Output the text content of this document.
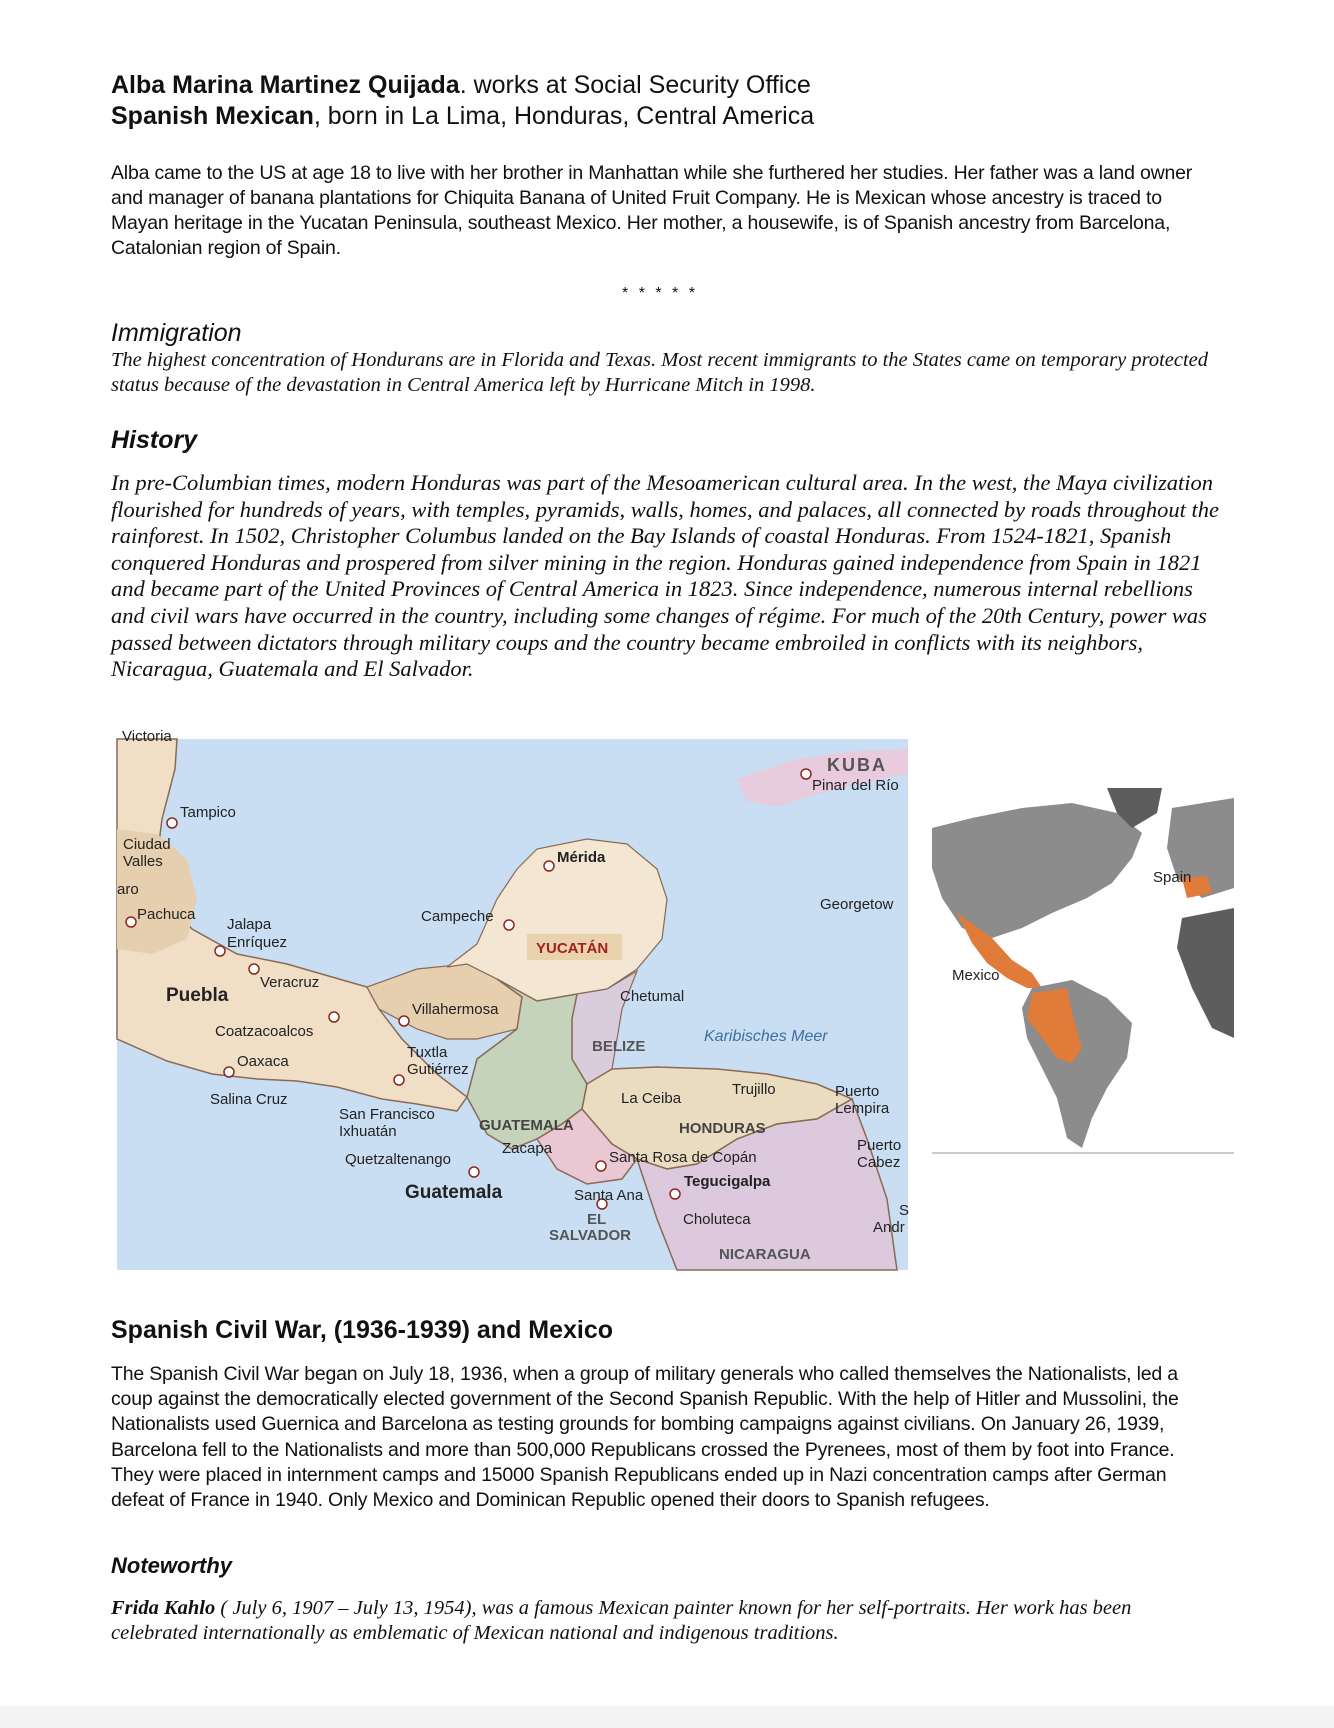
Alba Marina Martinez Quijada. works at Social Security Office
Spanish Mexican, born in La Lima, Honduras, Central America
Alba came to the US at age 18 to live with her brother in Manhattan while she furthered her studies. Her father was a land owner and manager of banana plantations for Chiquita Banana of United Fruit Company. He is Mexican whose ancestry is traced to Mayan heritage in the Yucatan Peninsula, southeast Mexico. Her mother, a housewife, is of Spanish ancestry from Barcelona, Catalonian region of Spain.
* * * * *
Immigration
The highest concentration of Hondurans are in Florida and Texas. Most recent immigrants to the States came on temporary protected status because of the devastation in Central America left by Hurricane Mitch in 1998.
History
In pre-Columbian times, modern Honduras was part of the Mesoamerican cultural area. In the west, the Maya civilization flourished for hundreds of years, with temples, pyramids, walls, homes, and palaces, all connected by roads throughout the rainforest. In 1502, Christopher Columbus landed on the Bay Islands of coastal Honduras. From 1524-1821, Spanish conquered Honduras and prospered from silver mining in the region. Honduras gained independence from Spain in 1821 and became part of the United Provinces of Central America in 1823. Since independence, numerous internal rebellions and civil wars have occurred in the country, including some changes of régime. For much of the 20th Century, power was passed between dictators through military coups and the country became embroiled in conflicts with its neighbors, Nicaragua, Guatemala and El Salvador.
Victoria
KUBA
Pinar del Río
Tampico
Ciudad
Valles
aro
Pachuca
Jalapa
Enríquez
Mérida
Campeche
Georgetow
YUCATÁN
Veracruz
Puebla	Chetumal
Villahermosa
Coatzacoalcos
BELIZE
Karibisches Meer
Oaxaca
Tuxtla
Gutiérrez
Salina Cruz
Trujillo
La Ceiba	Puerto
Lempira
San Francisco
Ixhuatán	GUATEMALA	HONDURAS
Zacapa	Puerto
Cabez
Quetzaltenango	Santa Rosa de Copán
Guatemala
Tegucigalpa
Santa Ana
S
EL
SALVADOR
Choluteca	Andr
NICARAGUA
Spain
Mexico
Spanish Civil War, (1936-1939) and Mexico
The Spanish Civil War began on July 18, 1936, when a group of military generals who called themselves the Nationalists, led a coup against the democratically elected government of the Second Spanish Republic. With the help of Hitler and Mussolini, the Nationalists used Guernica and Barcelona as testing grounds for bombing campaigns against civilians. On January 26, 1939, Barcelona fell to the Nationalists and more than 500,000 Republicans crossed the Pyrenees, most of them by foot into France. They were placed in internment camps and 15000 Spanish Republicans ended up in Nazi concentration camps after German defeat of France in 1940. Only Mexico and Dominican Republic opened their doors to Spanish refugees.
Noteworthy
Frida Kahlo ( July 6, 1907 – July 13, 1954), was a famous Mexican painter known for her self-portraits. Her work has been celebrated internationally as emblematic of Mexican national and indigenous traditions.
